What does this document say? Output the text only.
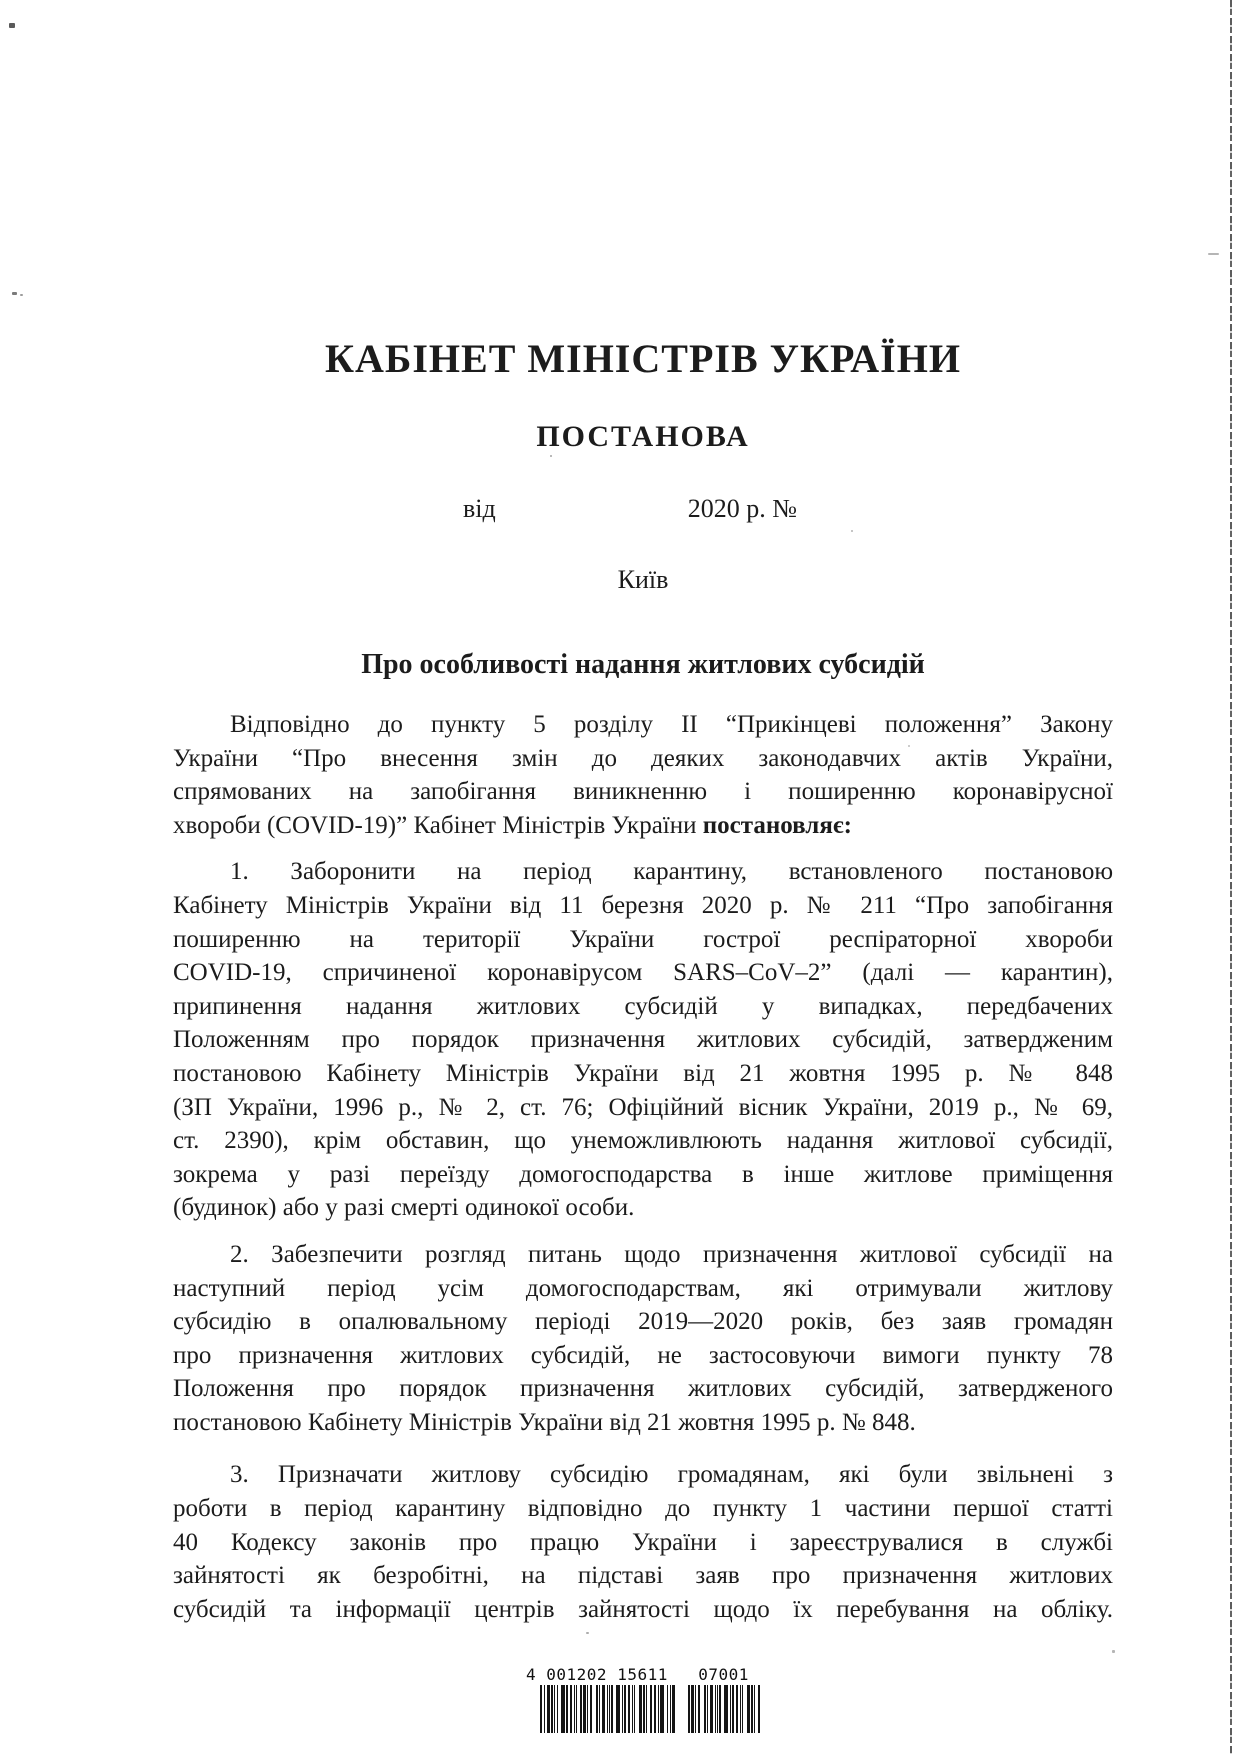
КАБІНЕТ МІНІСТРІВ УКРАЇНИ
ПОСТАНОВА
від	2020 р. №
Київ
Про особливості надання житлових субсидій
Відповідно до пункту 5 розділу ІІ “Прикінцеві положення” Закону
України “Про внесення змін до деяких законодавчих актів України,
спрямованих на запобігання виникненню і поширенню коронавірусної
хвороби (COVID-19)” Кабінет Міністрів України постановляє:
1. Заборонити на період карантину, встановленого постановою
Кабінету Міністрів України від 11 березня 2020 р. № 211 “Про запобігання
поширенню на території України гострої респіраторної хвороби
COVID-19, спричиненої коронавірусом SARS–CoV–2” (далі — карантин),
припинення надання житлових субсидій у випадках, передбачених
Положенням про порядок призначення житлових субсидій, затвердженим
постановою Кабінету Міністрів України від 21 жовтня 1995 р. № 848
(ЗП України, 1996 р., № 2, ст. 76; Офіційний вісник України, 2019 р., № 69,
ст. 2390), крім обставин, що унеможливлюють надання житлової субсидії,
зокрема у разі переїзду домогосподарства в інше житлове приміщення
(будинок) або у разі смерті одинокої особи.
2. Забезпечити розгляд питань щодо призначення житлової субсидії на
наступний період усім домогосподарствам, які отримували житлову
субсидію в опалювальному періоді 2019—2020 років, без заяв громадян
про призначення житлових субсидій, не застосовуючи вимоги пункту 78
Положення про порядок призначення житлових субсидій, затвердженого
постановою Кабінету Міністрів України від 21 жовтня 1995 р. № 848.
3. Призначати житлову субсидію громадянам, які були звільнені з
роботи в період карантину відповідно до пункту 1 частини першої статті
40 Кодексу законів про працю України і зареєструвалися в службі
зайнятості як безробітні, на підставі заяв про призначення житлових
субсидій та інформації центрів зайнятості щодо їх перебування на обліку.
4 001202 15611   07001
